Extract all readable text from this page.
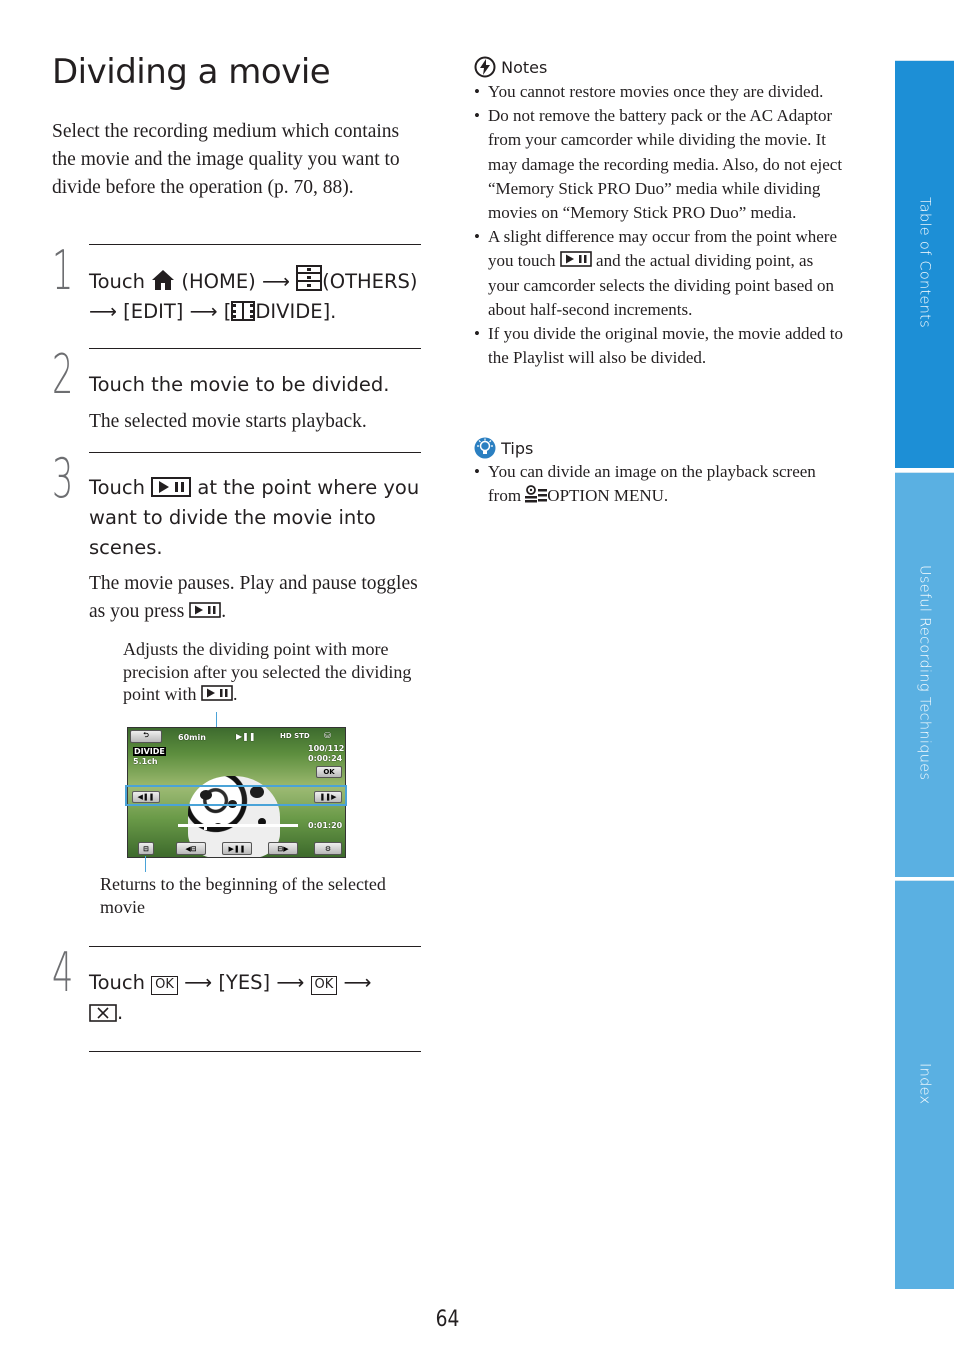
Dividing a movie

Select the recording medium which contains the movie and the image quality you want to divide before the operation (p. 70, 88).

1 Touch (HOME) ⟶ (OTHERS)
⟶ [EDIT] ⟶ [ DIVIDE].
2 Touch the movie to be divided.
The selected movie starts playback.
3 Touch	at the point where you want to divide the movie into scenes.
The movie pauses. Play and pause toggles as you press .
Adjusts the dividing point with more precision after you selected the dividing point with .
⮌	60min	▶❚❚	HD STD ⛁
DIVIDE
5.1ch
100/112
0:00:24
OK
◀❚❚	❚❚▶
0:01:20
⊟	◀⊟	▶❚❚	⊟▶	⚙
Returns to the beginning of the selected movie
4 Touch OK ⟶ [YES] ⟶ OK ⟶
.
Notes
• You cannot restore movies once they are divided.
• Do not remove the battery pack or the AC Adaptor from your camcorder while dividing the movie. It may damage the recording media. Also, do not eject “Memory Stick PRO Duo” media while dividing movies on “Memory Stick PRO Duo” media.
• A slight difference may occur from the point where you touch and the actual dividing point, as your camcorder selects the dividing point based on about half-second increments.
• If you divide the original movie, the movie added to the Playlist will also be divided.
Tips
• You can divide an image on the playback screen from OPTION MENU.
Table of Contents
Useful Recording Techniques
Index
64
